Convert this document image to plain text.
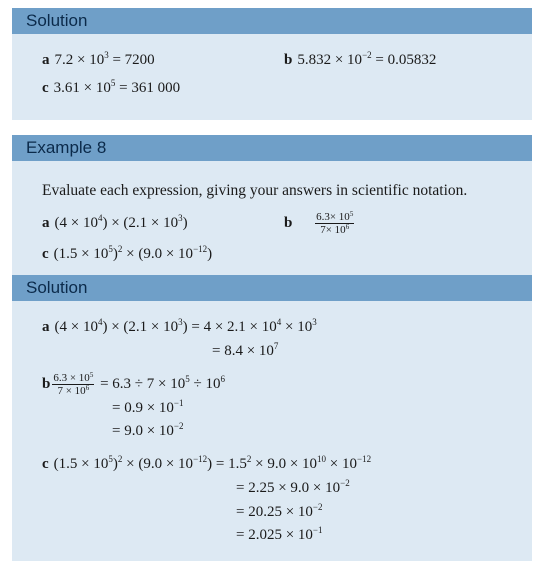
Solution
a $7.2 \times 10^3 = 7200$	b $5.832 \times 10^{-2} = 0.05832$
c $3.61 \times 10^5 = 361$ 000
Example 8
Evaluate each expression, giving your answers in scientific notation.
a $(4 \times 10^4) \times (2.1 \times 10^3)$	b $\frac{6.3\times 10^5}{7\times 10^6}$
c $(1.5 \times 10^5)^2 \times (9.0 \times 10^{-12})$
Solution
a $(4 \times 10^4) \times (2.1 \times 10^3) = 4 \times 2.1 \times 10^4 \times 10^3$
= $8.4 \times 10^7$
b $\frac{6.3 \times 10^5}{7 \times 10^6} = 6.3 \div 7 \times 10^5 \div 10^6$
= $0.9 \times 10^{-1}$
= $9.0 \times 10^{-2}$
c $(1.5 \times 10^5)^2 \times (9.0 \times 10^{-12}) = 1.5^2 \times 9.0 \times 10^{10} \times 10^{-12}$
= $2.25 \times 9.0 \times 10^{-2}$
= $20.25 \times 10^{-2}$
= $2.025 \times 10^{-1}$
